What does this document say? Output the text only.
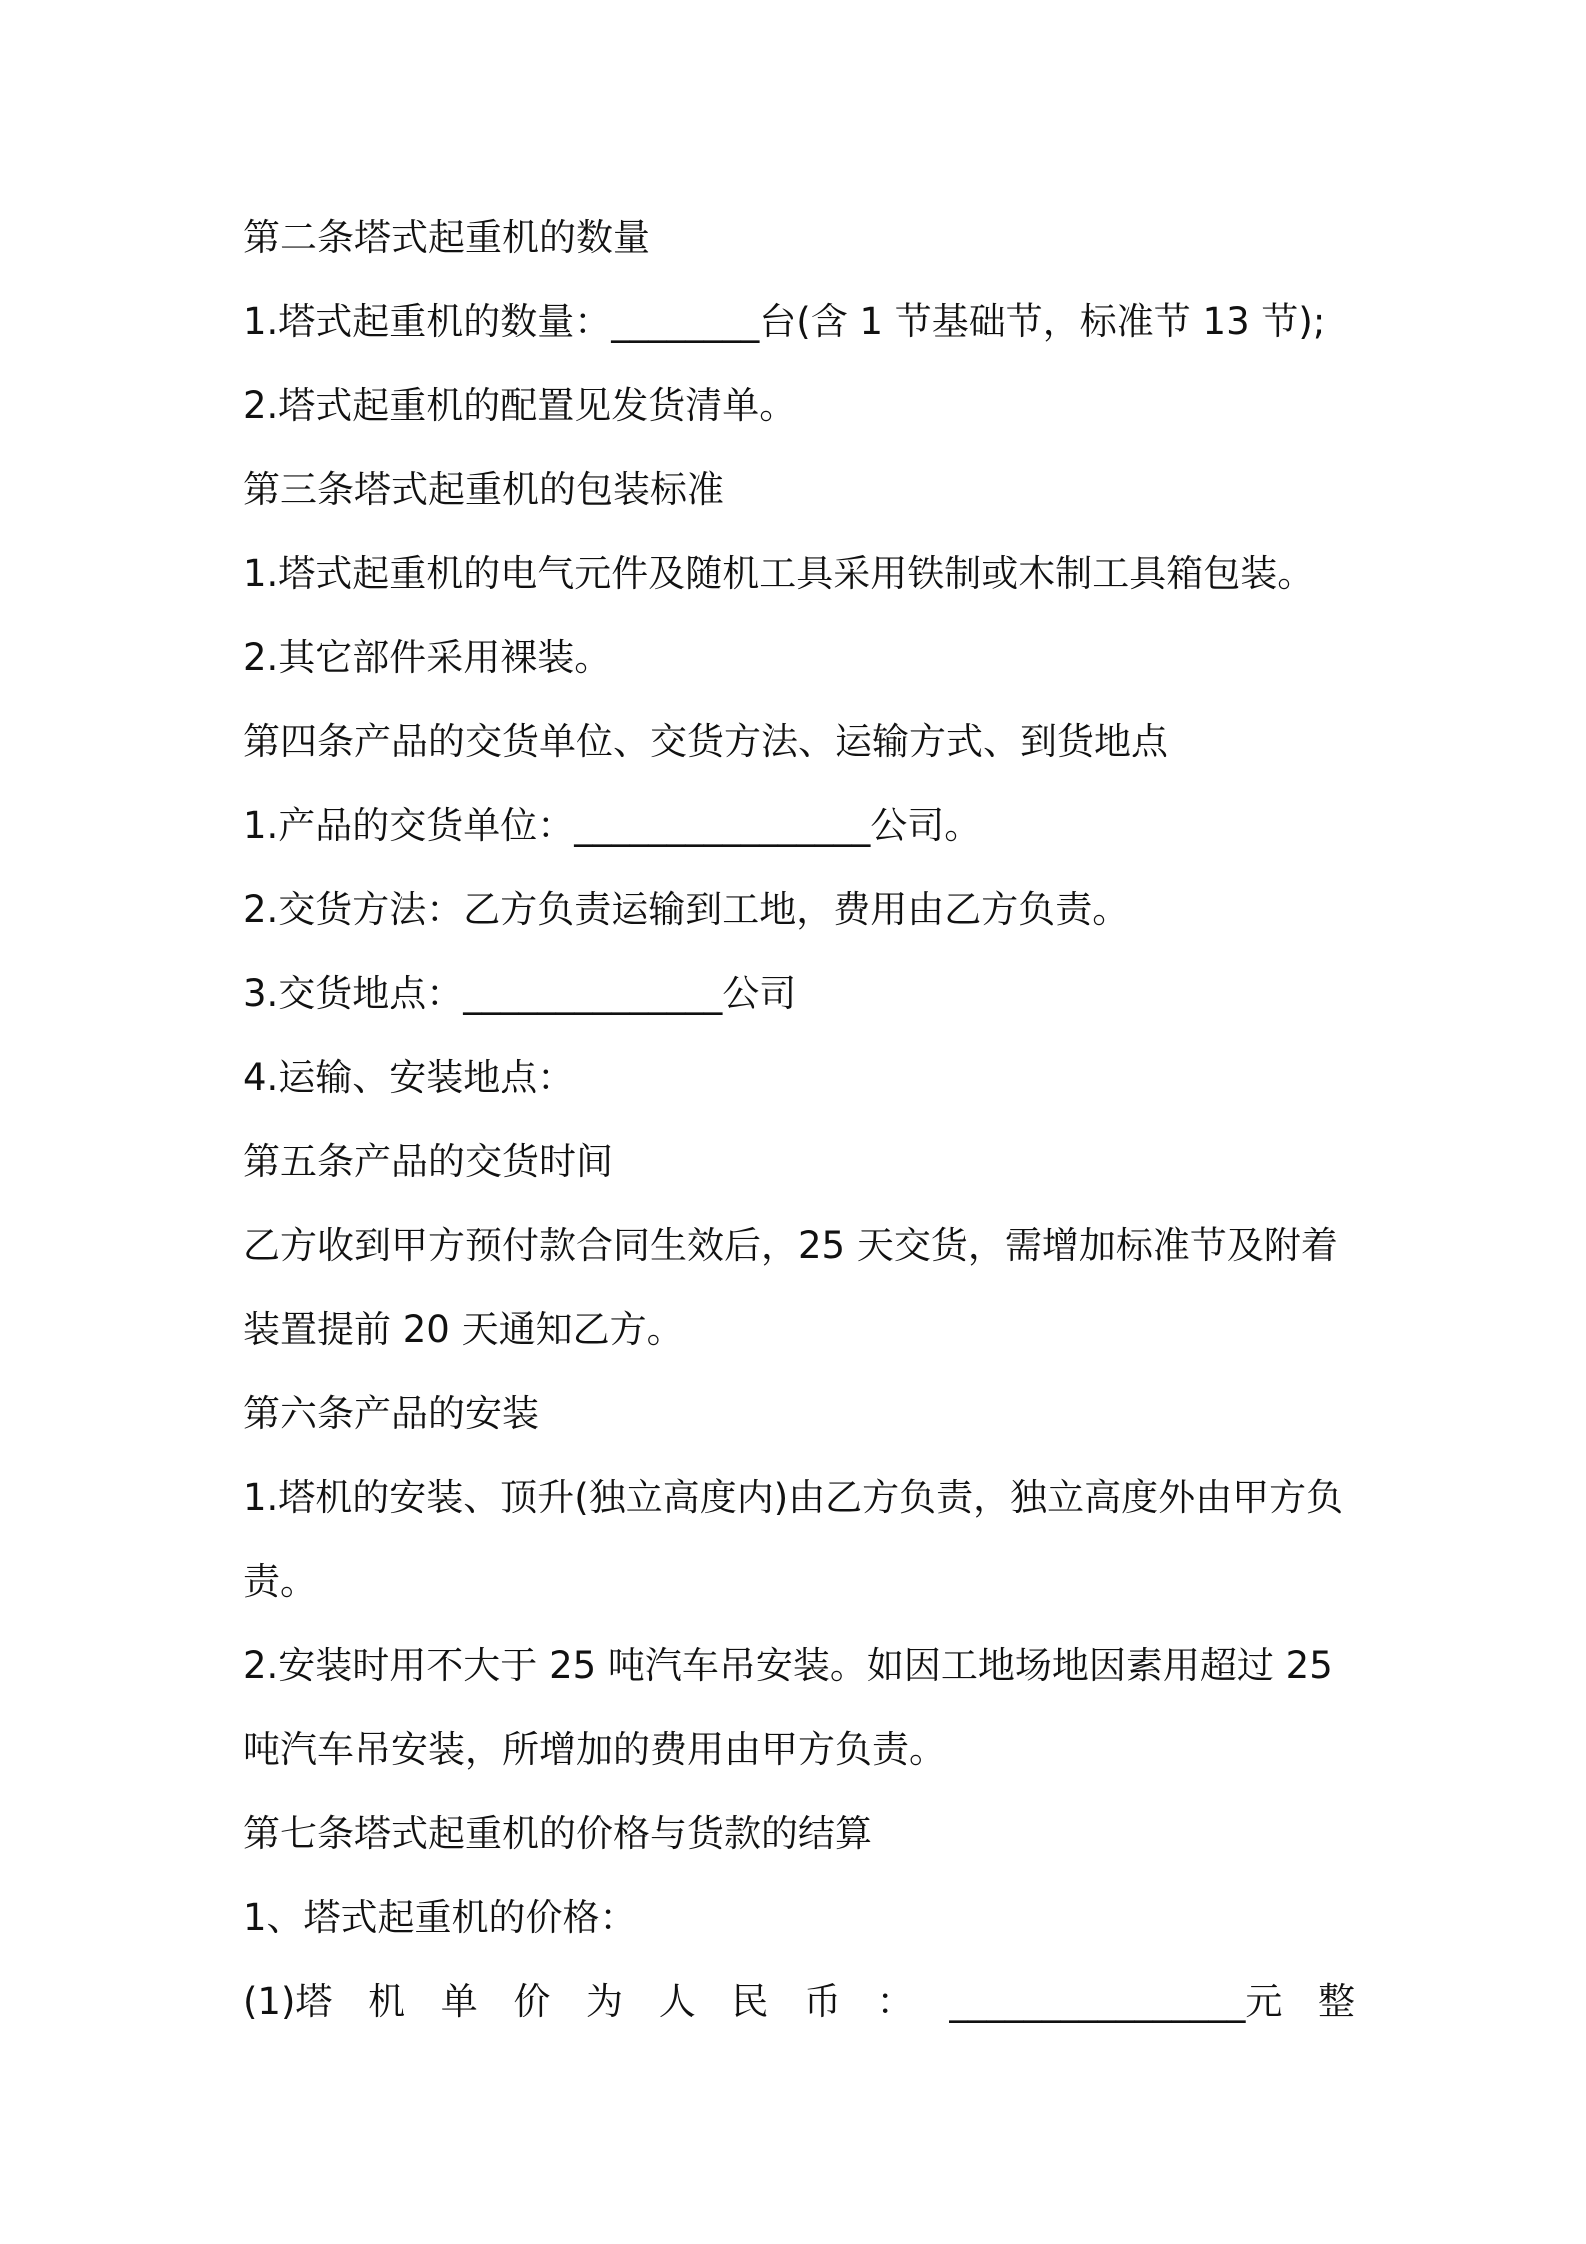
第二条塔式起重机的数量

1.塔式起重机的数量：________台(含 1 节基础节，标准节 13 节);

2.塔式起重机的配置见发货清单。

第三条塔式起重机的包装标准

1.塔式起重机的电气元件及随机工具采用铁制或木制工具箱包装。

2.其它部件采用裸装。

第四条产品的交货单位、交货方法、运输方式、到货地点

1.产品的交货单位：________________公司。

2.交货方法：乙方负责运输到工地，费用由乙方负责。

3.交货地点：______________公司

4.运输、安装地点：

第五条产品的交货时间

乙方收到甲方预付款合同生效后，25 天交货，需增加标准节及附着

装置提前 20 天通知乙方。

第六条产品的安装

1.塔机的安装、顶升(独立高度内)由乙方负责，独立高度外由甲方负

责。

2.安装时用不大于 25 吨汽车吊安装。如因工地场地因素用超过 25

吨汽车吊安装，所增加的费用由甲方负责。

第七条塔式起重机的价格与货款的结算

1、塔式起重机的价格：

(1)塔 机 单 价 为 人 民 币 ： ________________元 整
